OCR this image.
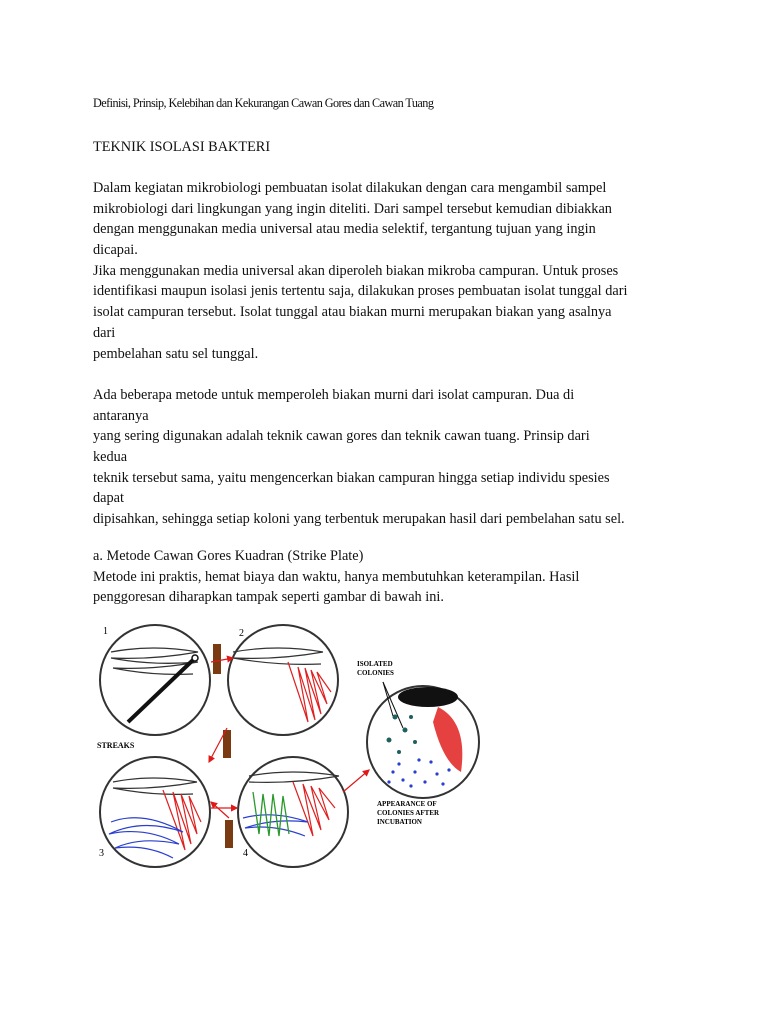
Definisi, Prinsip, Kelebihan dan Kekurangan Cawan Gores dan Cawan Tuang
TEKNIK ISOLASI BAKTERI
Dalam kegiatan mikrobiologi pembuatan isolat dilakukan dengan cara mengambil sampel
mikrobiologi dari lingkungan yang ingin diteliti. Dari sampel tersebut kemudian dibiakkan
dengan menggunakan media universal atau media selektif, tergantung tujuan yang ingin
dicapai.
Jika menggunakan media universal akan diperoleh biakan mikroba campuran. Untuk proses
identifikasi maupun isolasi jenis tertentu saja, dilakukan proses pembuatan isolat tunggal dari
isolat campuran tersebut. Isolat tunggal atau biakan murni merupakan biakan yang asalnya
dari
pembelahan satu sel tunggal.
Ada beberapa metode untuk memperoleh biakan murni dari isolat campuran. Dua di
antaranya
yang sering digunakan adalah teknik cawan gores dan teknik cawan tuang. Prinsip dari
kedua
teknik tersebut sama, yaitu mengencerkan biakan campuran hingga setiap individu spesies
dapat
dipisahkan, sehingga setiap koloni yang terbentuk merupakan hasil dari pembelahan satu sel.
a. Metode Cawan Gores Kuadran (Strike Plate)
Metode ini praktis, hemat biaya dan waktu, hanya membutuhkan keterampilan. Hasil
penggoresan diharapkan tampak seperti gambar di bawah ini.
1	2
3	4
ISOLATED
COLONIES
APPEARANCE OF
COLONIES AFTER
INCUBATION
STREAKS
